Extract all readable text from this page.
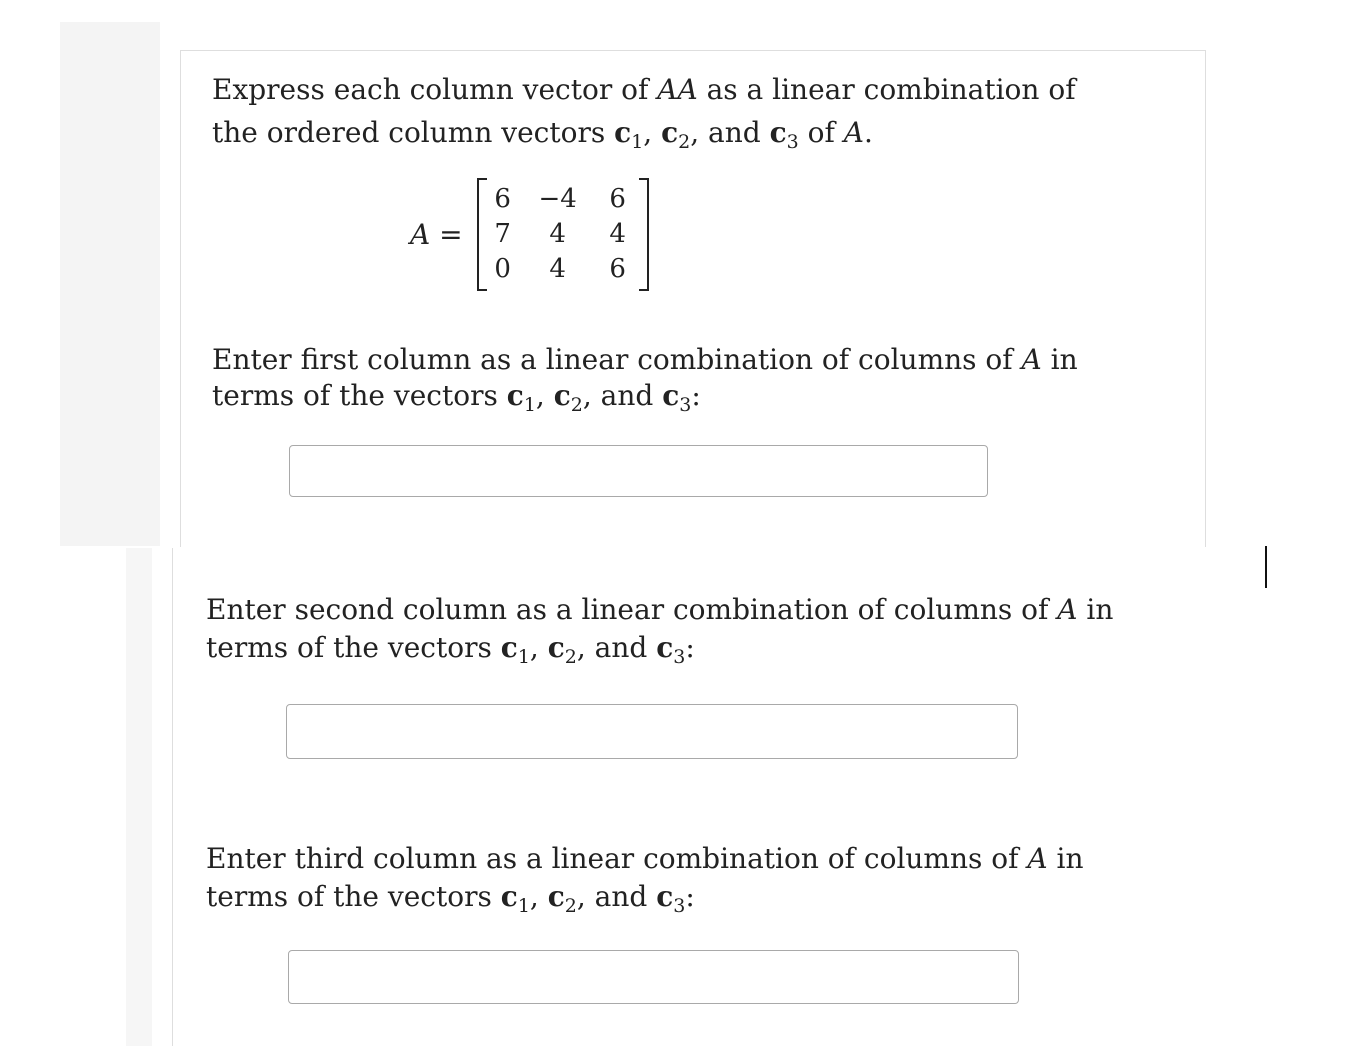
Express each column vector of AA as a linear combination of

the ordered column vectors $c_1$, $c_2$, and $c_3$ of A.

A =
6	−4	6
7	4	4
0	4	6

Enter first column as a linear combination of columns of A in

terms of the vectors $c_1$, $c_2$, and $c_3$:

Enter second column as a linear combination of columns of A in

terms of the vectors $c_1$, $c_2$, and $c_3$:

Enter third column as a linear combination of columns of A in

terms of the vectors $c_1$, $c_2$, and $c_3$:
